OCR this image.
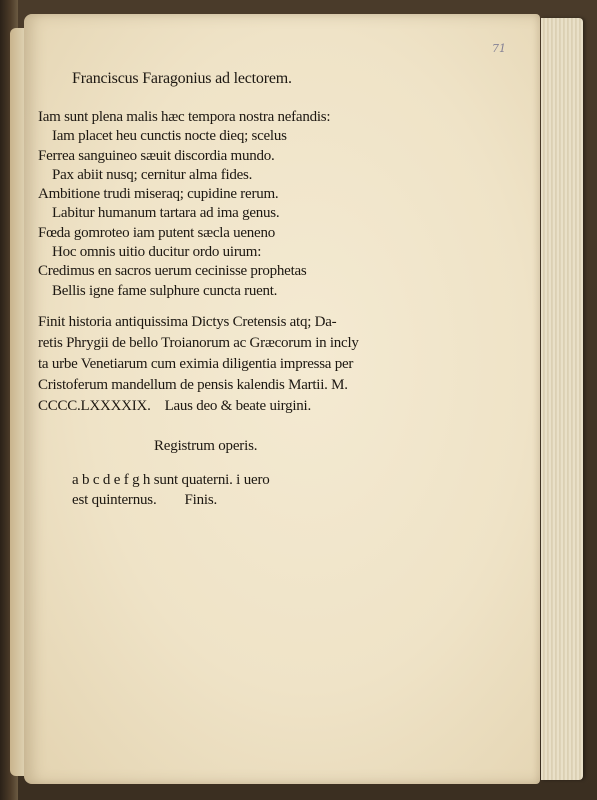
71
Franciscus Faragonius ad lectorem.
Iam sunt plena malis hæc tempora nostra nefandis:
Iam placet heu cunctis nocte dieq; scelus
Ferrea sanguineo sæuit discordia mundo.
Pax abiit nusq; cernitur alma fides.
Ambitione trudi miseraq; cupidine rerum.
Labitur humanum tartara ad ima genus.
Fœda gomroteo iam putent sæcla ueneno
Hoc omnis uitio ducitur ordo uirum:
Credimus en sacros uerum cecinisse prophetas
Bellis igne fame sulphure cuncta ruent.
Finit historia antiquissima Dictys Cretensis atq; Da-
retis Phrygii de bello Troianorum ac Græcorum in incly
ta urbe Venetiarum cum eximia diligentia impressa per
Cristoferum mandellum de pensis kalendis Martii. M.
CCCC.LXXXXIX. Laus deo & beate uirgini.
Registrum operis.
a b c d e f g h sunt quaterni. i uero
est quinternus. Finis.
